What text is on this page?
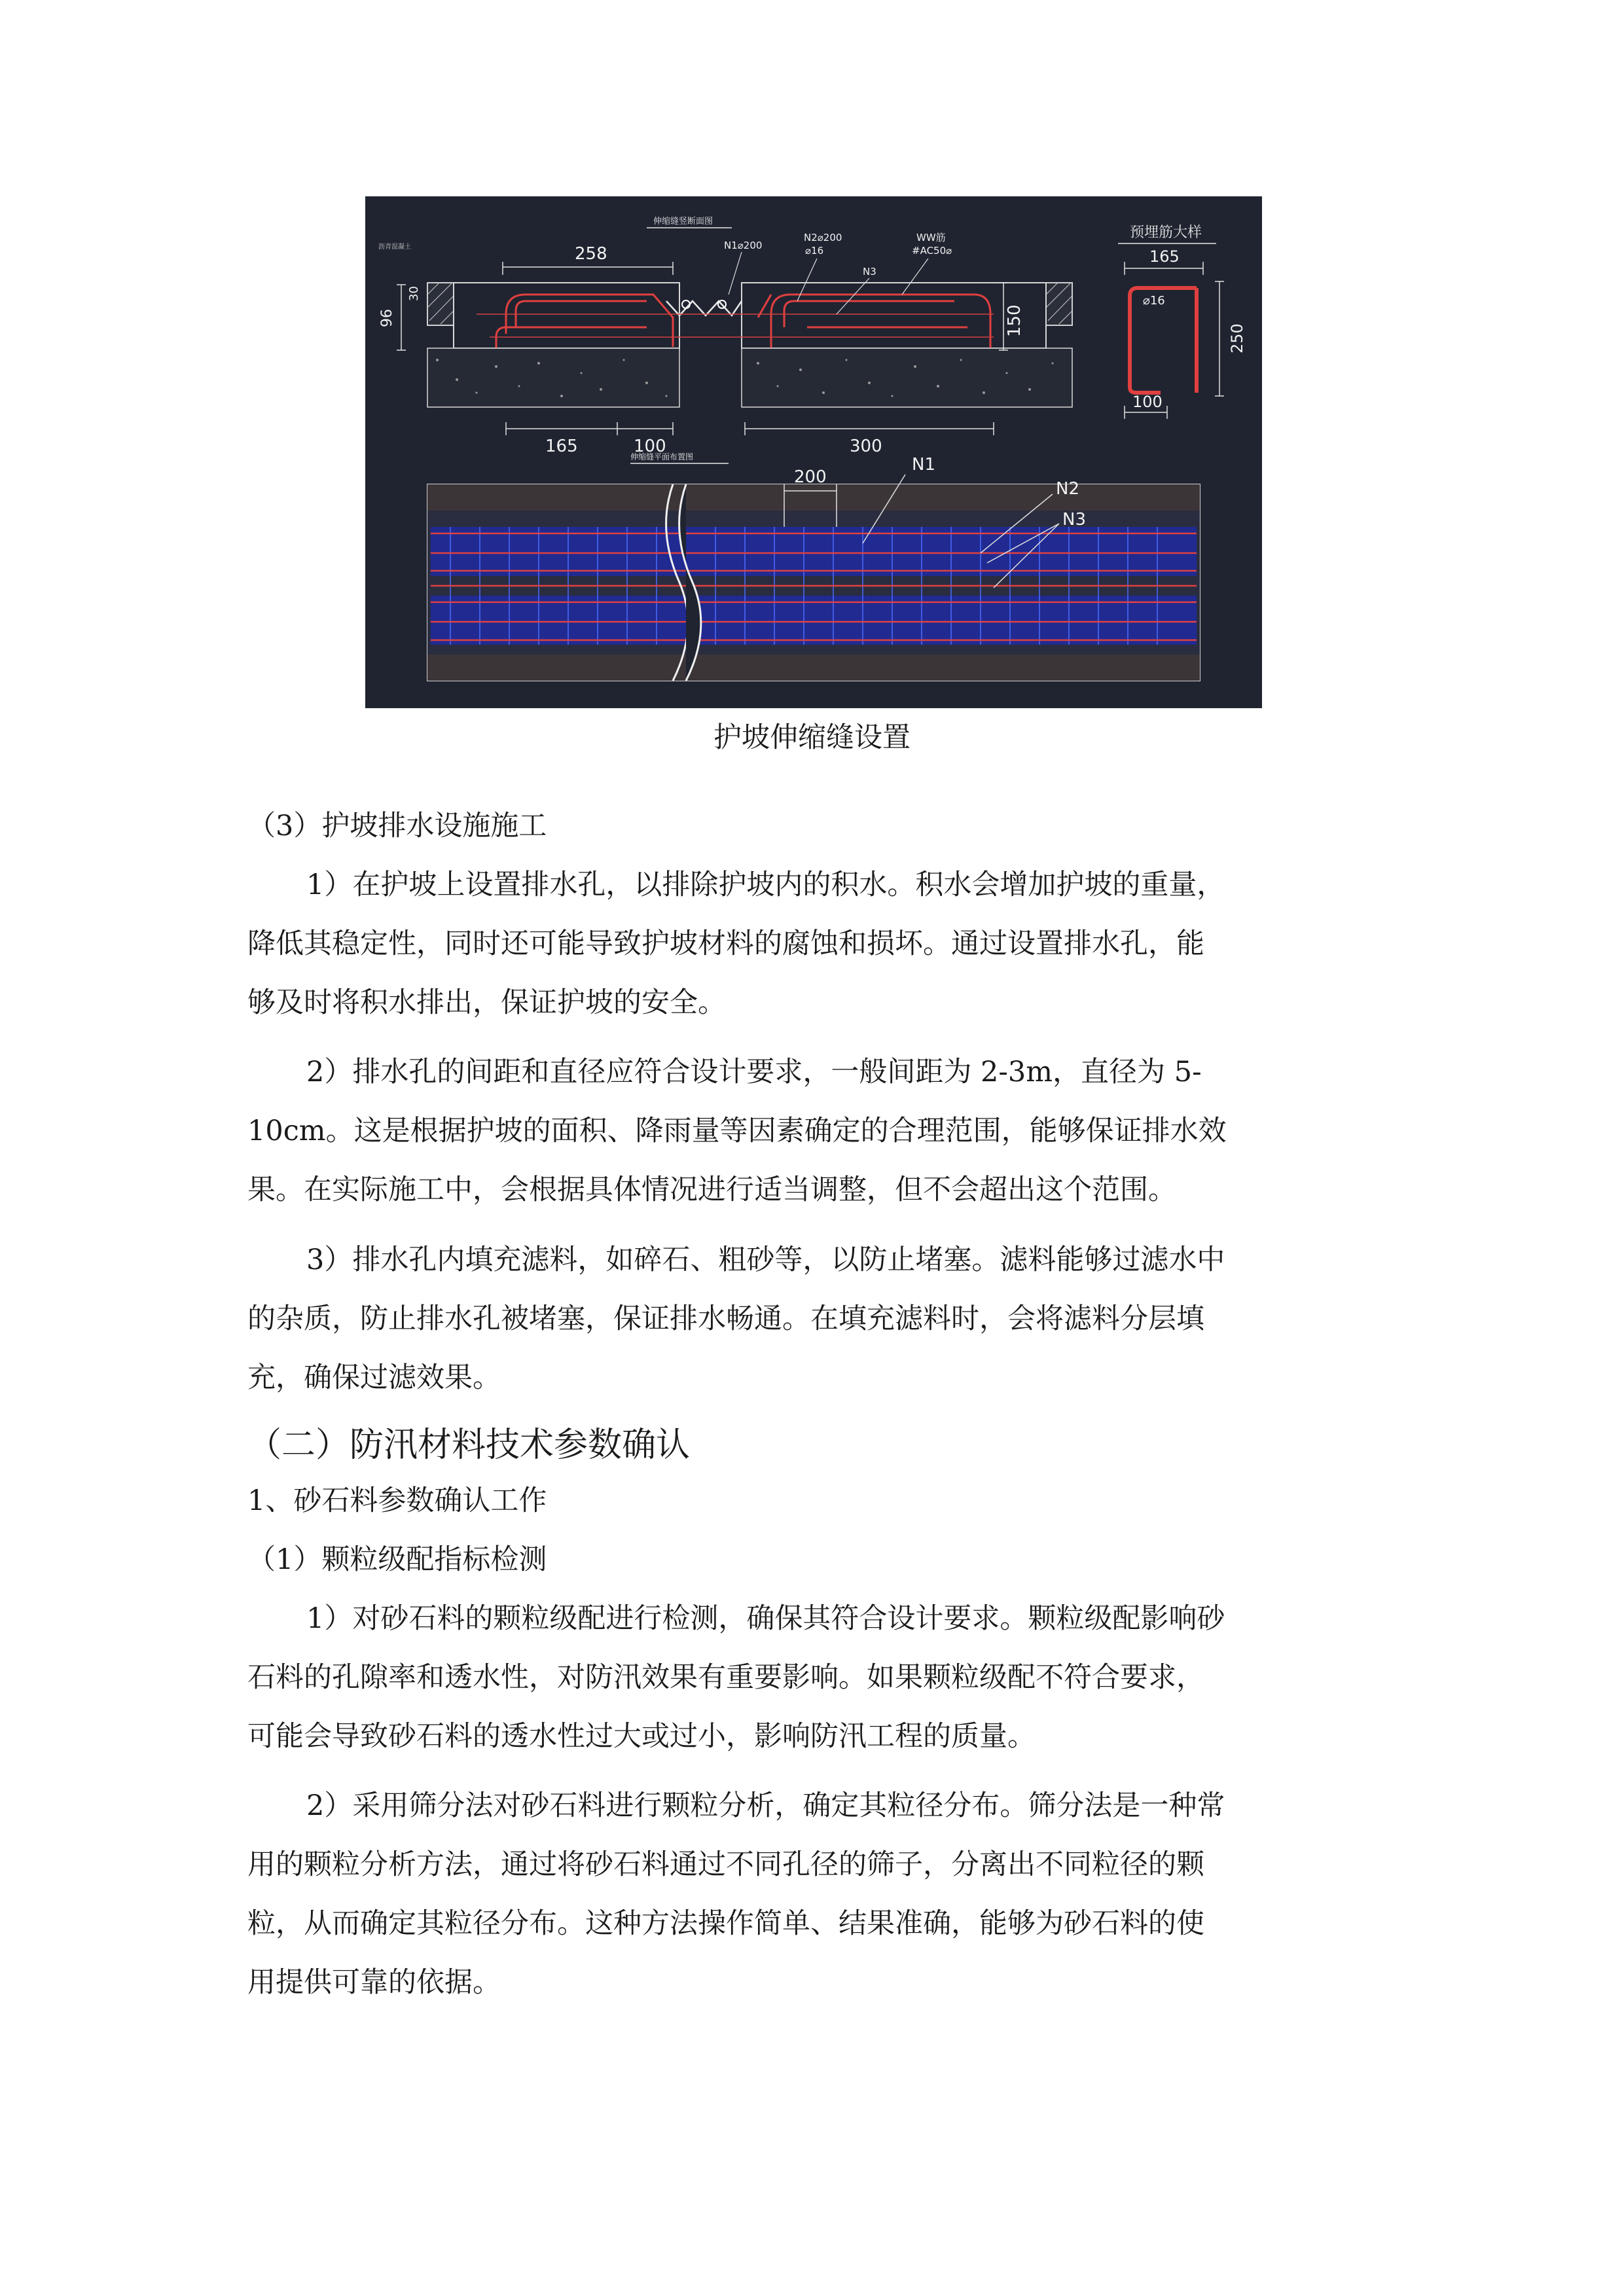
伸缩缝竖断面图
沥青混凝土	258
96
30
150
165	100	300
N1⌀200
N2⌀200
⌀16
N3
WW筋
#AC50⌀
预埋筋大样
165
250
100
⌀16
伸缩缝平面布置图
200
N1
N2
N3
护坡伸缩缝设置
（3）护坡排水设施施工
1）在护坡上设置排水孔，以排除护坡内的积水。积水会增加护坡的重量，
降低其稳定性，同时还可能导致护坡材料的腐蚀和损坏。通过设置排水孔，能
够及时将积水排出，保证护坡的安全。
2）排水孔的间距和直径应符合设计要求，一般间距为 2-3m，直径为 5-
10cm。这是根据护坡的面积、降雨量等因素确定的合理范围，能够保证排水效
果。在实际施工中，会根据具体情况进行适当调整，但不会超出这个范围。
3）排水孔内填充滤料，如碎石、粗砂等，以防止堵塞。滤料能够过滤水中
的杂质，防止排水孔被堵塞，保证排水畅通。在填充滤料时，会将滤料分层填
充，确保过滤效果。
（二）防汛材料技术参数确认
1、砂石料参数确认工作
（1）颗粒级配指标检测
1）对砂石料的颗粒级配进行检测，确保其符合设计要求。颗粒级配影响砂
石料的孔隙率和透水性，对防汛效果有重要影响。如果颗粒级配不符合要求，
可能会导致砂石料的透水性过大或过小，影响防汛工程的质量。
2）采用筛分法对砂石料进行颗粒分析，确定其粒径分布。筛分法是一种常
用的颗粒分析方法，通过将砂石料通过不同孔径的筛子，分离出不同粒径的颗
粒，从而确定其粒径分布。这种方法操作简单、结果准确，能够为砂石料的使
用提供可靠的依据。
